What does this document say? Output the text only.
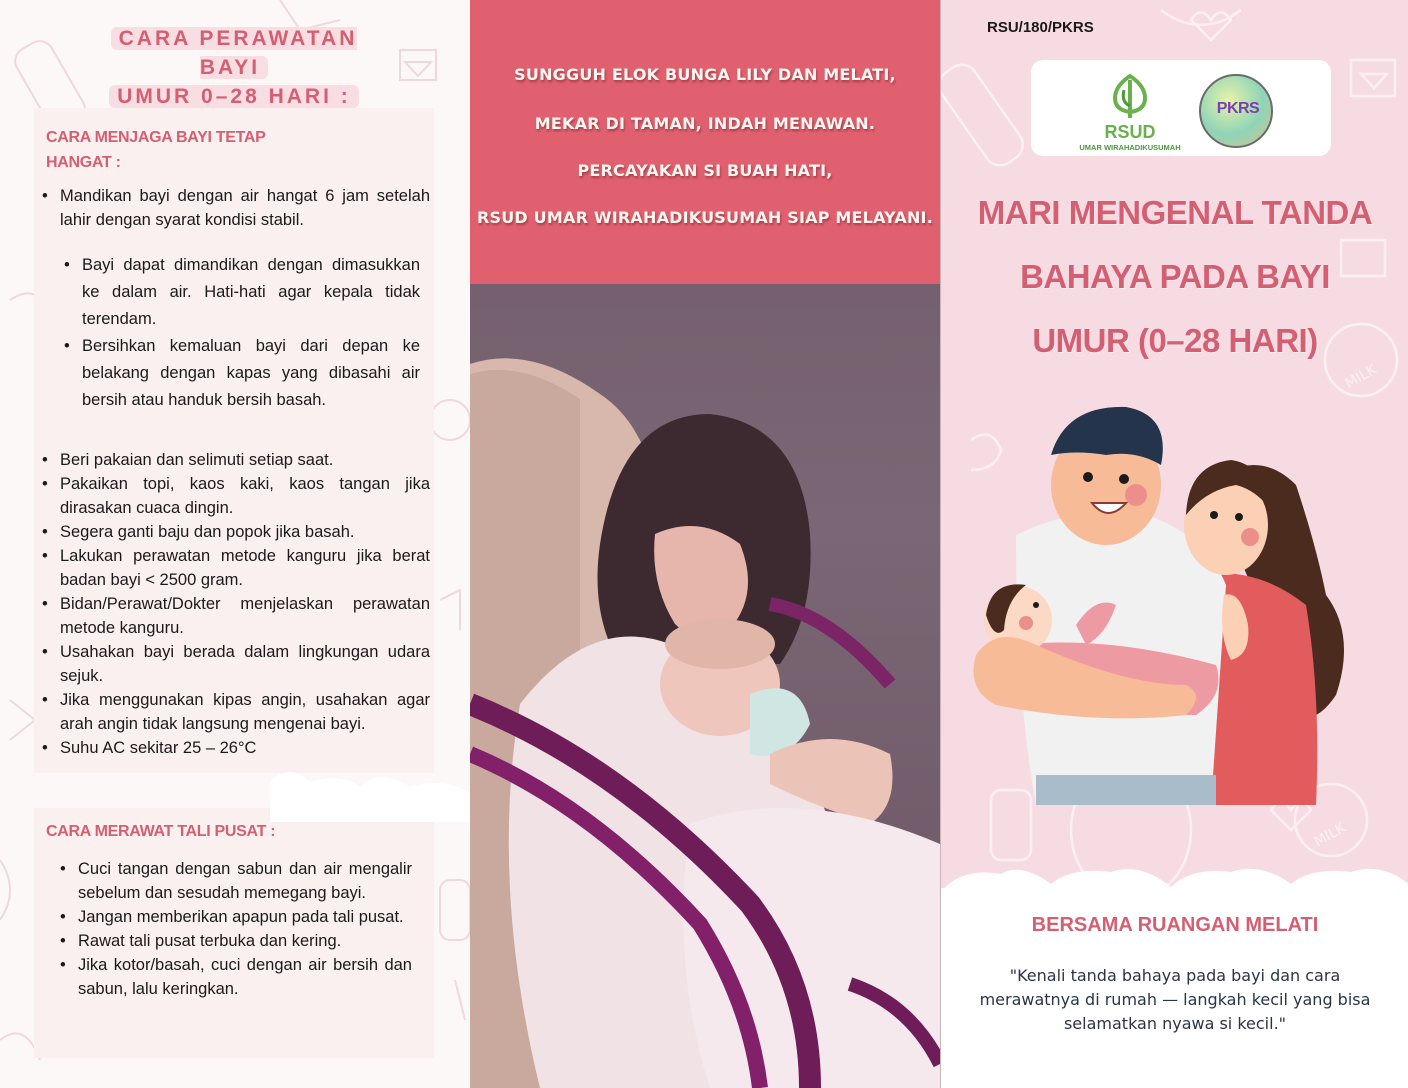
CARA PERAWATAN BAYI
UMUR 0–28 HARI :
CARA MENJAGA BAYI TETAP
HANGAT :
• Mandikan bayi dengan air hangat 6 jam setelah lahir dengan syarat kondisi stabil.
• Bayi dapat dimandikan dengan dimasukkan ke dalam air. Hati-hati agar kepala tidak terendam.
• Bersihkan kemaluan bayi dari depan ke belakang dengan kapas yang dibasahi air bersih atau handuk bersih basah.
• Beri pakaian dan selimuti setiap saat.
• Pakaikan topi, kaos kaki, kaos tangan jika dirasakan cuaca dingin.
• Segera ganti baju dan popok jika basah.
• Lakukan perawatan metode kanguru jika berat badan bayi < 2500 gram.
• Bidan/Perawat/Dokter menjelaskan perawatan metode kanguru.
• Usahakan bayi berada dalam lingkungan udara sejuk.
• Jika menggunakan kipas angin, usahakan agar arah angin tidak langsung mengenai bayi.
• Suhu AC sekitar 25 – 26°C
CARA MERAWAT TALI PUSAT :
• Cuci tangan dengan sabun dan air mengalir sebelum dan sesudah memegang bayi.
• Jangan memberikan apapun pada tali pusat.
• Rawat tali pusat terbuka dan kering.
• Jika kotor/basah, cuci dengan air bersih dan sabun, lalu keringkan.
SUNGGUH ELOK BUNGA LILY DAN MELATI,
MEKAR DI TAMAN, INDAH MENAWAN.
PERCAYAKAN SI BUAH HATI,
RSUD UMAR WIRAHADIKUSUMAH SIAP MELAYANI.
MILK
MILK
RSU/180/PKRS
RSUD
UMAR WIRAHADIKUSUMAH
PKRS
MARI MENGENAL TANDA
BAHAYA PADA BAYI
UMUR (0–28 HARI)
BERSAMA RUANGAN MELATI
"Kenali tanda bahaya pada bayi dan cara merawatnya di rumah — langkah kecil yang bisa selamatkan nyawa si kecil."
